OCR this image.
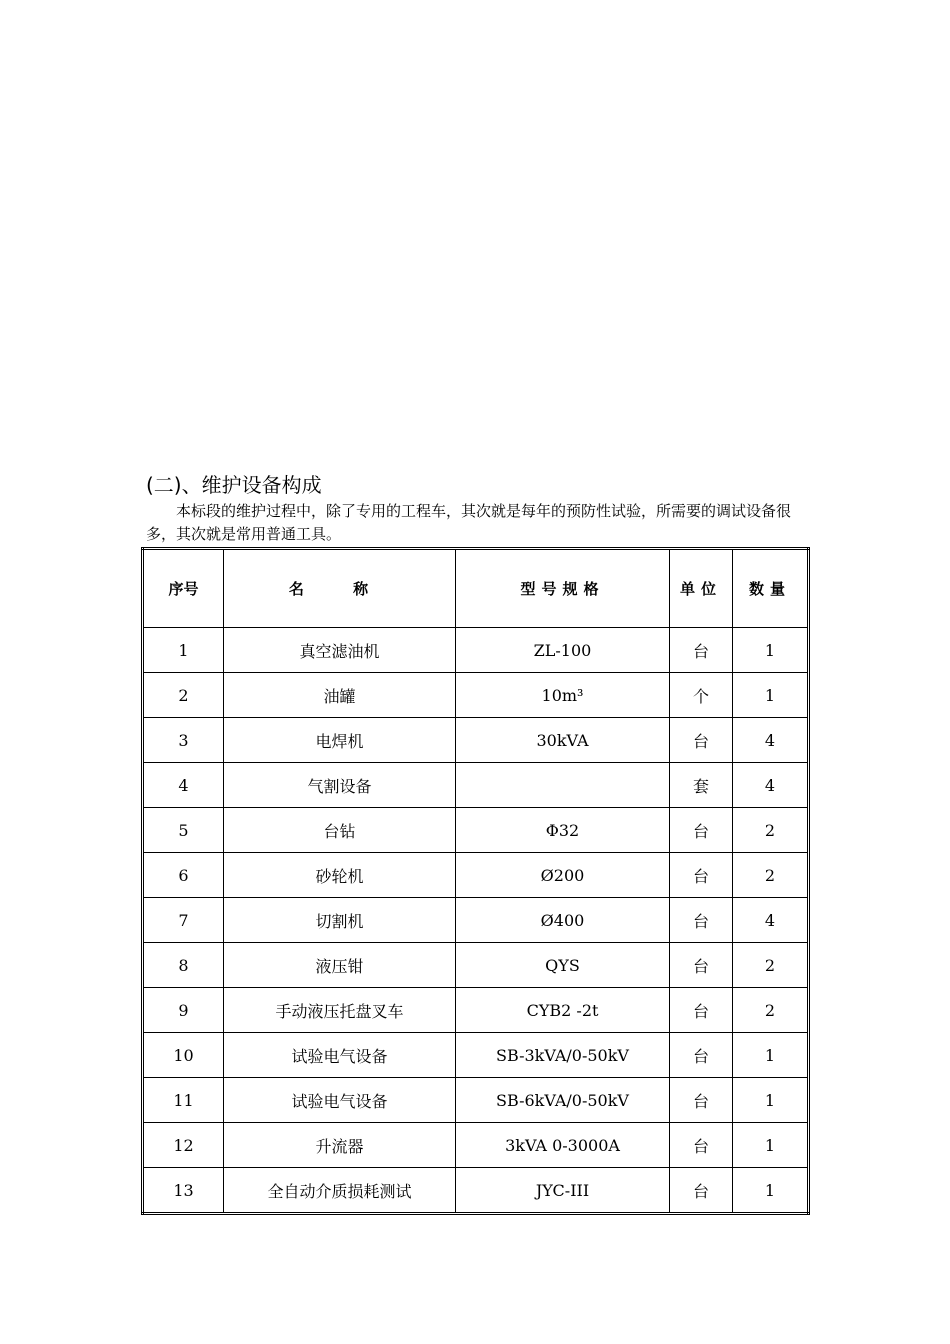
(二)、维护设备构成
本标段的维护过程中，除了专用的工程车，其次就是每年的预防性试验，所需要的调试设备很多，其次就是常用普通工具。
序号	名 称	型号规格	单位	数量
1	真空滤油机	ZL-100	台	1
2	油罐	10m³	个	1
3	电焊机	30kVA	台	4
4	气割设备		套	4
5	台钻	Φ32	台	2
6	砂轮机	Ø200	台	2
7	切割机	Ø400	台	4
8	液压钳	QYS	台	2
9	手动液压托盘叉车	CYB2 -2t	台	2
10	试验电气设备	SB-3kVA/0-50kV	台	1
11	试验电气设备	SB-6kVA/0-50kV	台	1
12	升流器	3kVA 0-3000A	台	1
13	全自动介质损耗测试	JYC-III	台	1
